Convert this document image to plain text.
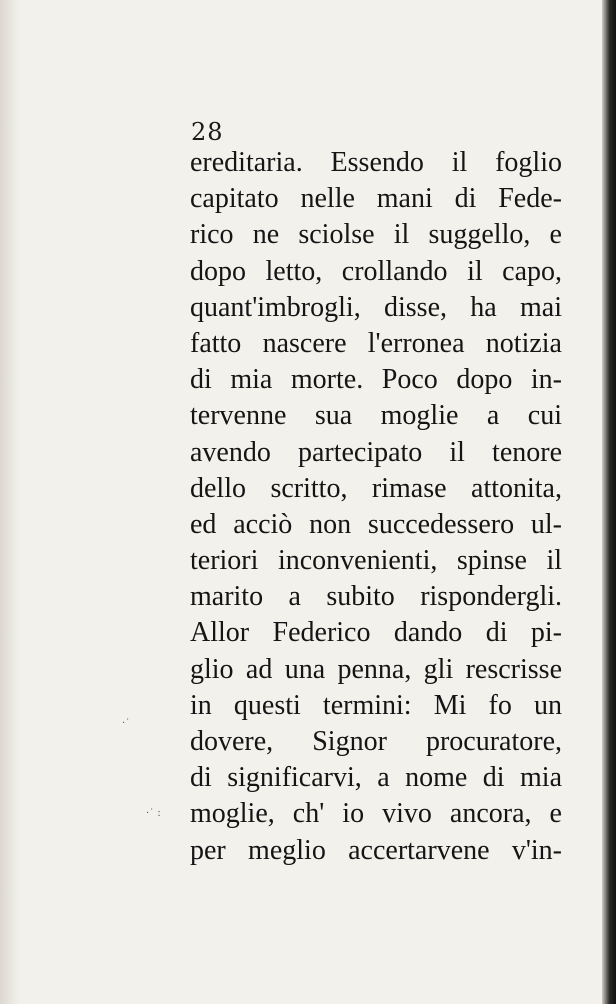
28
ereditaria. Essendo il foglio
capitato nelle mani di Fede-
rico ne sciolse il suggello, e
dopo letto, crollando il capo,
quant'imbrogli, disse, ha mai
fatto nascere l'erronea notizia
di mia morte. Poco dopo in-
tervenne sua moglie a cui
avendo partecipato il tenore
dello scritto, rimase attonita,
ed acciò non succedessero ul-
teriori inconvenienti, spinse il
marito a subito rispondergli.
Allor Federico dando di pi-
glio ad una penna, gli rescrisse
in questi termini: Mi fo un
dovere, Signor procuratore,
di significarvi, a nome di mia
moglie, ch' io vivo ancora, e
per meglio accertarvene v'in-
·˙
·˙ :
